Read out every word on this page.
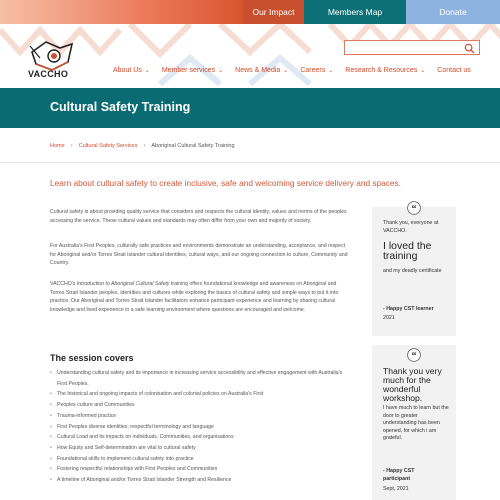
Our Impact	Members Map	Donate
VACCHO	About Us ⌄ Member services ⌄ News & Media ⌄ Careers ⌄ Research & Resources ⌄ Contact us
Cultural Safety Training
Home › Cultural Safety Services › Aboriginal Cultural Safety Training
Learn about cultural safety to create inclusive, safe and welcoming service delivery and spaces.

Cultural safety is about providing quality service that considers and respects the cultural identity, values and norms of the peoples accessing the service. These cultural values and standards may often differ from your own and majority of society.

For Australia's First Peoples, culturally safe practices and environments demonstrate an understanding, acceptance, and respect for Aboriginal and/or Torres Strait Islander cultural identities, cultural ways, and our ongoing connection to culture, Community and Country.

VACCHO's Introduction to Aboriginal Cultural Safety training offers foundational knowledge and awareness on Aboriginal and Torres Strait Islander peoples, identities and cultures while exploring the basics of cultural safety and simple ways to put it into practice. Our Aboriginal and Torres Strait Islander facilitators enhance participant experience and learning by sharing cultural knowledge and lived experience in a safe learning environment where questions are encouraged and welcome.

The session covers
• Understanding cultural safety and its importance in increasing service accessibility and effective engagement with Australia's First Peoples.
• The historical and ongoing impacts of colonisation and colonial policies on Australia's First
• Peoples culture and Communities
• Trauma-informed practice
• First Peoples diverse identities; respectful terminology and language
• Cultural Load and its impacts on individuals, Communities, and organisations
• How Equity and Self-determination are vital to cultural safety
• Foundational skills to implement cultural safety into practice
• Fostering respectful relationships with First Peoples and Communities
• A timeline of Aboriginal and/or Torres Strait Islander Strength and Resilience
“
Thank you, everyone at VACCHO.
I loved the training
and my deadly certificate
- Happy CST learner
2021
“
Thank you very much for the wonderful workshop.
I have much to learn but the door to greater understanding has been opened, for which i am grateful.
- Happy CST participant
Sept, 2021
